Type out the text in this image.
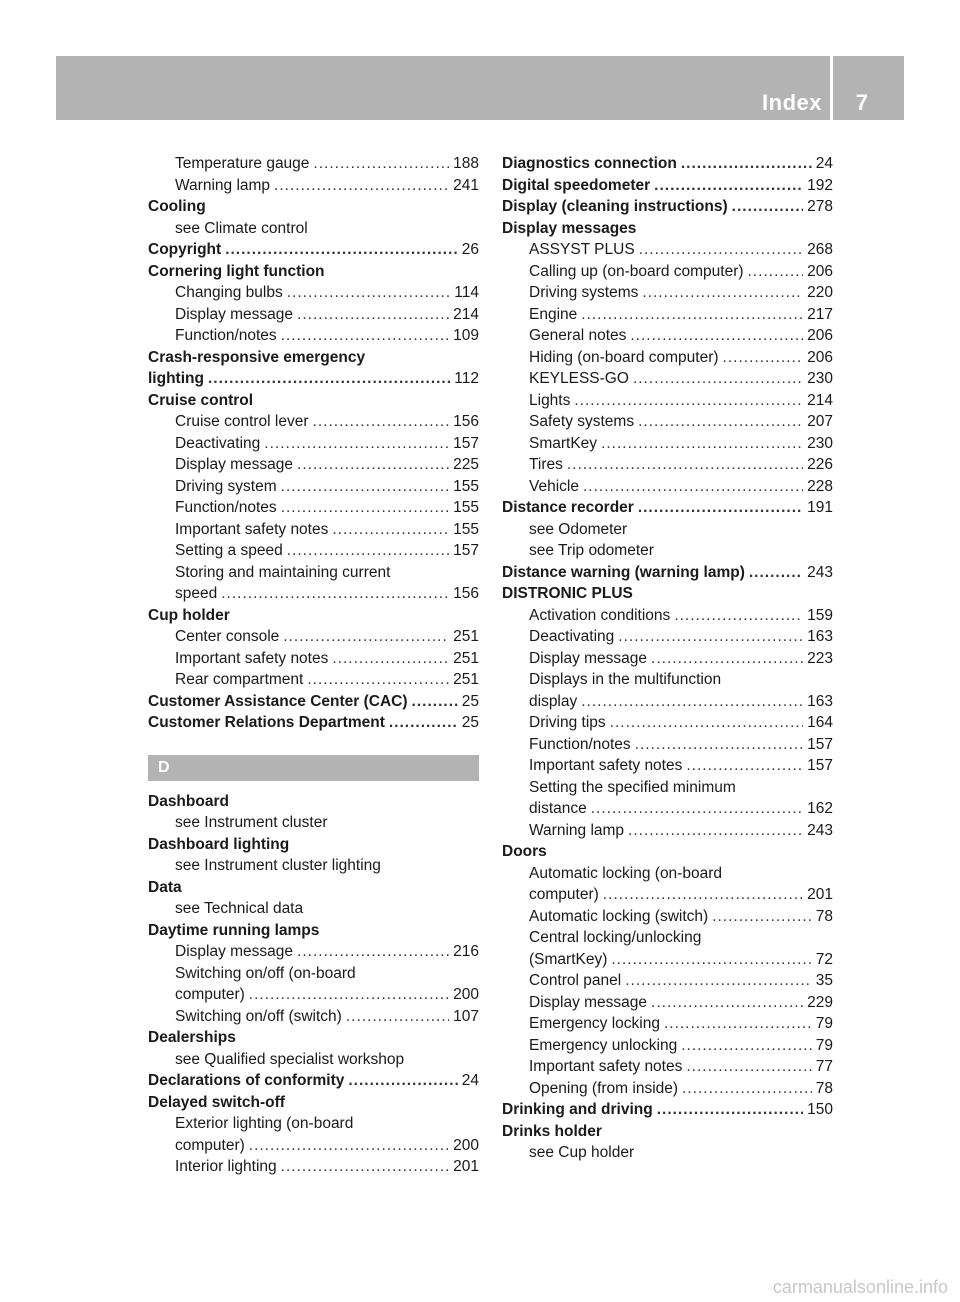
Index 7
Temperature gauge .....	188
Warning lamp .....	241
Cooling
see Climate control
Copyright .....	26
Cornering light function
Changing bulbs .....	114
Display message .....	214
Function/notes .....	109
Crash-responsive emergency
lighting .....	112
Cruise control
Cruise control lever .....	156
Deactivating .....	157
Display message .....	225
Driving system .....	155
Function/notes .....	155
Important safety notes .....	155
Setting a speed .....	157
Storing and maintaining current
speed .....	156
Cup holder
Center console .....	251
Important safety notes .....	251
Rear compartment .....	251
Customer Assistance Center (CAC) .....	25
Customer Relations Department .....	25
D
Dashboard
see Instrument cluster
Dashboard lighting
see Instrument cluster lighting
Data
see Technical data
Daytime running lamps
Display message .....	216
Switching on/off (on-board
computer) .....	200
Switching on/off (switch) .....	107
Dealerships
see Qualified specialist workshop
Declarations of conformity .....	24
Delayed switch-off
Exterior lighting (on-board
computer) .....	200
Interior lighting .....	201
Diagnostics connection .....	24
Digital speedometer .....	192
Display (cleaning instructions) .....	278
Display messages
ASSYST PLUS .....	268
Calling up (on-board computer) .....	206
Driving systems .....	220
Engine .....	217
General notes .....	206
Hiding (on-board computer) .....	206
KEYLESS-GO .....	230
Lights .....	214
Safety systems .....	207
SmartKey .....	230
Tires .....	226
Vehicle .....	228
Distance recorder .....	191
see Odometer
see Trip odometer
Distance warning (warning lamp) .....	243
DISTRONIC PLUS
Activation conditions .....	159
Deactivating .....	163
Display message .....	223
Displays in the multifunction
display .....	163
Driving tips .....	164
Function/notes .....	157
Important safety notes .....	157
Setting the specified minimum
distance .....	162
Warning lamp .....	243
Doors
Automatic locking (on-board
computer) .....	201
Automatic locking (switch) .....	78
Central locking/unlocking
(SmartKey) .....	72
Control panel .....	35
Display message .....	229
Emergency locking .....	79
Emergency unlocking .....	79
Important safety notes .....	77
Opening (from inside) .....	78
Drinking and driving .....	150
Drinks holder
see Cup holder
carmanualsonline.info
